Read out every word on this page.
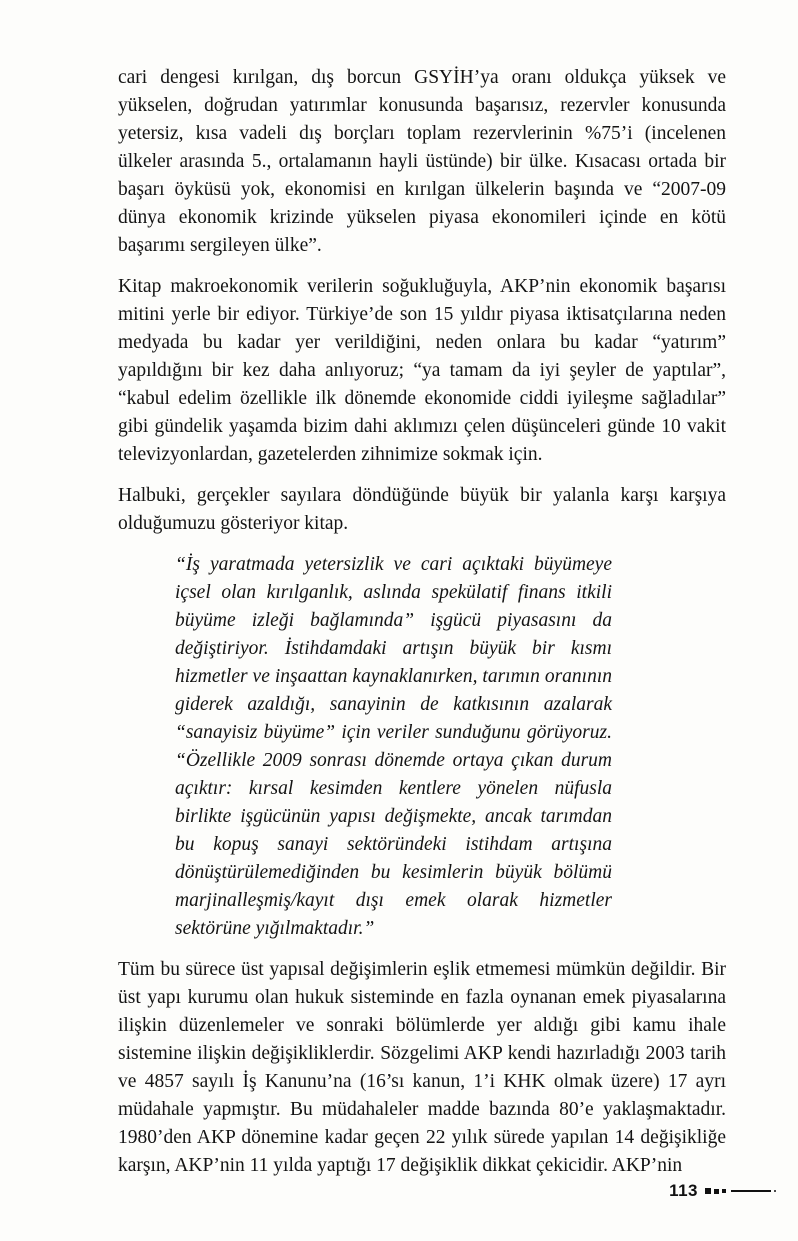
cari dengesi kırılgan, dış borcun GSYİH’ya oranı oldukça yüksek ve yükselen, doğrudan yatırımlar konusunda başarısız, rezervler konusunda yetersiz, kısa vadeli dış borçları toplam rezervlerinin %75’i (incelenen ülkeler arasında 5., ortalamanın hayli üstünde) bir ülke. Kısacası ortada bir başarı öyküsü yok, ekonomisi en kırılgan ülkelerin başında ve “2007-09 dünya ekonomik krizinde yükselen piyasa ekonomileri içinde en kötü başarımı sergileyen ülke”.

Kitap makroekonomik verilerin soğukluğuyla, AKP’nin ekonomik başarısı mitini yerle bir ediyor. Türkiye’de son 15 yıldır piyasa iktisatçılarına neden medyada bu kadar yer verildiğini, neden onlara bu kadar “yatırım” yapıldığını bir kez daha anlıyoruz; “ya tamam da iyi şeyler de yaptılar”, “kabul edelim özellikle ilk dönemde ekonomide ciddi iyileşme sağladılar” gibi gündelik yaşamda bizim dahi aklımızı çelen düşünceleri günde 10 vakit televizyonlardan, gazetelerden zihnimize sokmak için.

Halbuki, gerçekler sayılara döndüğünde büyük bir yalanla karşı karşıya olduğumuzu gösteriyor kitap.

“İş yaratmada yetersizlik ve cari açıktaki büyümeye içsel olan kırılganlık, aslında spekülatif finans itkili büyüme izleği bağlamında” işgücü piyasasını da değiştiriyor. İstihdamdaki artışın büyük bir kısmı hizmetler ve inşaattan kaynaklanırken, tarımın oranının giderek azaldığı, sanayinin de katkısının azalarak “sanayisiz büyüme” için veriler sunduğunu görüyoruz. “Özellikle 2009 sonrası dönemde ortaya çıkan durum açıktır: kırsal kesimden kentlere yönelen nüfusla birlikte işgücünün yapısı değişmekte, ancak tarımdan bu kopuş sanayi sektöründeki istihdam artışına dönüştürülemediğinden bu kesimlerin büyük bölümü marjinalleşmiş/kayıt dışı emek olarak hizmetler sektörüne yığılmaktadır.”

Tüm bu sürece üst yapısal değişimlerin eşlik etmemesi mümkün değildir. Bir üst yapı kurumu olan hukuk sisteminde en fazla oynanan emek piyasalarına ilişkin düzenlemeler ve sonraki bölümlerde yer aldığı gibi kamu ihale sistemine ilişkin değişikliklerdir. Sözgelimi AKP kendi hazırladığı 2003 tarih ve 4857 sayılı İş Kanunu’na (16’sı kanun, 1’i KHK olmak üzere) 17 ayrı müdahale yapmıştır. Bu müdahaleler madde bazında 80’e yaklaşmaktadır. 1980’den AKP dönemine kadar geçen 22 yılık sürede yapılan 14 değişikliğe karşın, AKP’nin 11 yılda yaptığı 17 değişiklik dikkat çekicidir. AKP’nin

113
